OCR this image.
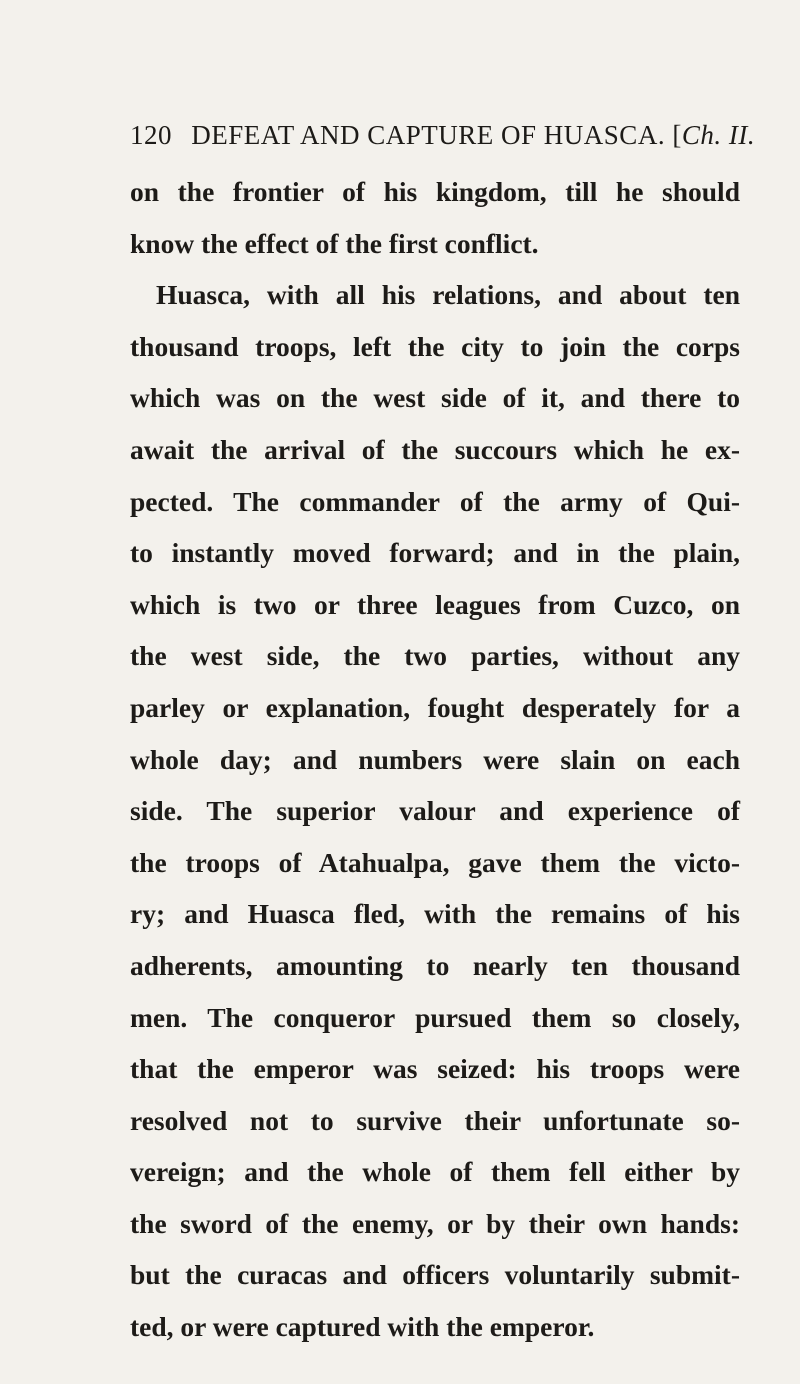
120 DEFEAT AND CAPTURE OF HUASCA. [Ch. II.
on the frontier of his kingdom, till he should
know the effect of the first conflict.
Huasca, with all his relations, and about ten
thousand troops, left the city to join the corps
which was on the west side of it, and there to
await the arrival of the succours which he ex-
pected. The commander of the army of Qui-
to instantly moved forward; and in the plain,
which is two or three leagues from Cuzco, on
the west side, the two parties, without any
parley or explanation, fought desperately for a
whole day; and numbers were slain on each
side. The superior valour and experience of
the troops of Atahualpa, gave them the victo-
ry; and Huasca fled, with the remains of his
adherents, amounting to nearly ten thousand
men. The conqueror pursued them so closely,
that the emperor was seized: his troops were
resolved not to survive their unfortunate so-
vereign; and the whole of them fell either by
the sword of the enemy, or by their own hands:
but the curacas and officers voluntarily submit-
ted, or were captured with the emperor.
